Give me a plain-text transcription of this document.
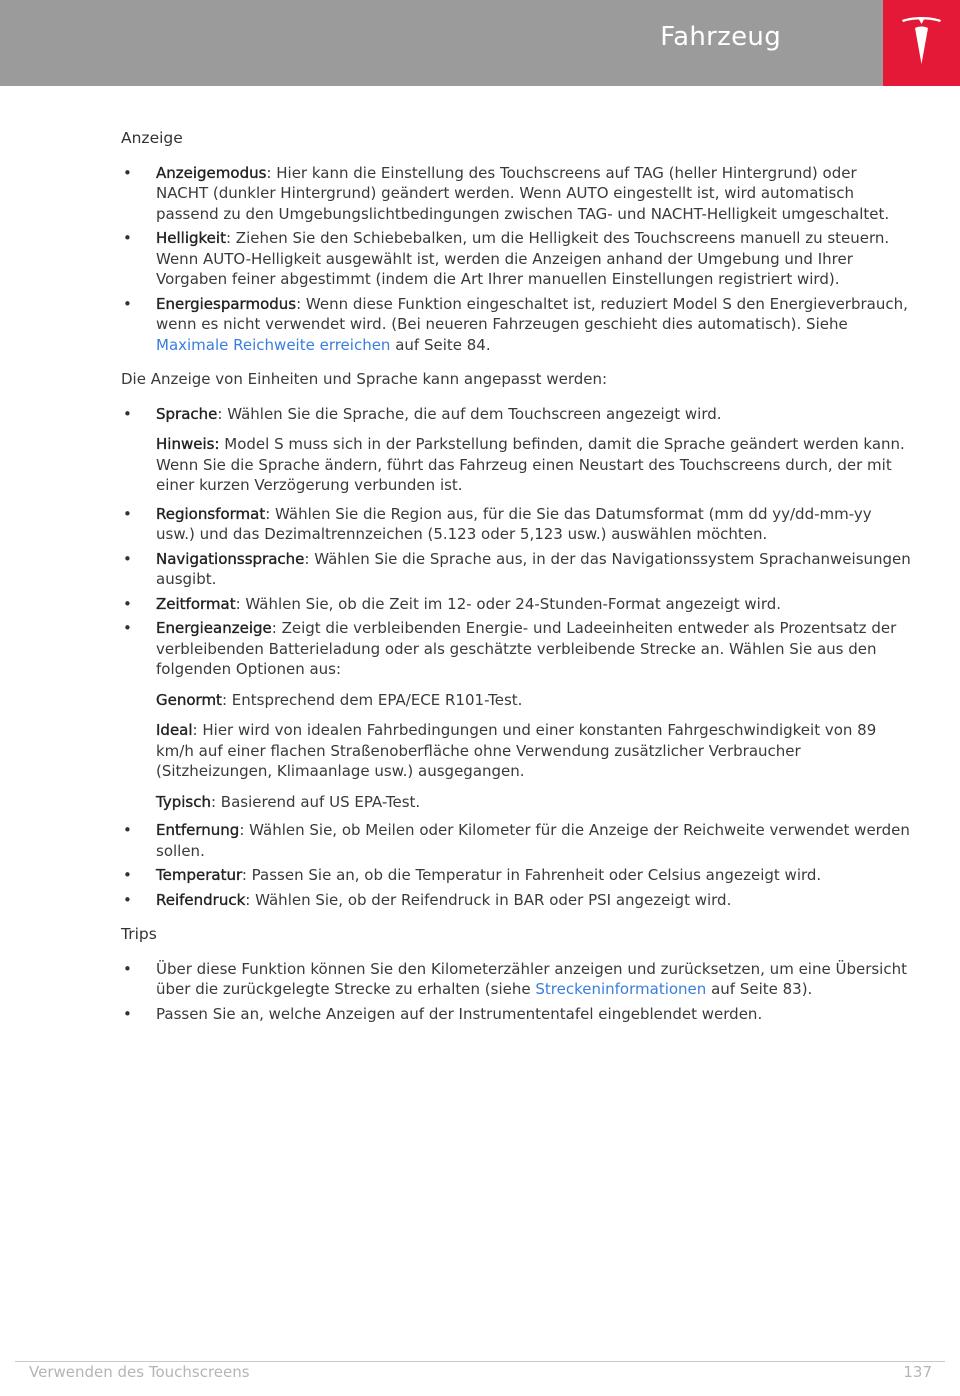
Fahrzeug
Anzeige
• Anzeigemodus: Hier kann die Einstellung des Touchscreens auf TAG (heller Hintergrund) oder NACHT (dunkler Hintergrund) geändert werden. Wenn AUTO eingestellt ist, wird automatisch passend zu den Umgebungslichtbedingungen zwischen TAG- und NACHT-Helligkeit umgeschaltet.
• Helligkeit: Ziehen Sie den Schiebebalken, um die Helligkeit des Touchscreens manuell zu steuern. Wenn AUTO-Helligkeit ausgewählt ist, werden die Anzeigen anhand der Umgebung und Ihrer Vorgaben feiner abgestimmt (indem die Art Ihrer manuellen Einstellungen registriert wird).
• Energiesparmodus: Wenn diese Funktion eingeschaltet ist, reduziert Model S den Energieverbrauch, wenn es nicht verwendet wird. (Bei neueren Fahrzeugen geschieht dies automatisch). Siehe Maximale Reichweite erreichen auf Seite 84.
Die Anzeige von Einheiten und Sprache kann angepasst werden:
• Sprache: Wählen Sie die Sprache, die auf dem Touchscreen angezeigt wird.
Hinweis: Model S muss sich in der Parkstellung befinden, damit die Sprache geändert werden kann. Wenn Sie die Sprache ändern, führt das Fahrzeug einen Neustart des Touchscreens durch, der mit einer kurzen Verzögerung verbunden ist.
• Regionsformat: Wählen Sie die Region aus, für die Sie das Datumsformat (mm dd yy/dd-mm-yy usw.) und das Dezimaltrennzeichen (5.123 oder 5,123 usw.) auswählen möchten.
• Navigationssprache: Wählen Sie die Sprache aus, in der das Navigationssystem Sprachanweisungen ausgibt.
• Zeitformat: Wählen Sie, ob die Zeit im 12- oder 24-Stunden-Format angezeigt wird.
• Energieanzeige: Zeigt die verbleibenden Energie- und Ladeeinheiten entweder als Prozentsatz der verbleibenden Batterieladung oder als geschätzte verbleibende Strecke an. Wählen Sie aus den folgenden Optionen aus:
Genormt: Entsprechend dem EPA/ECE R101-Test.
Ideal: Hier wird von idealen Fahrbedingungen und einer konstanten Fahrgeschwindigkeit von 89 km/h auf einer flachen Straßenoberfläche ohne Verwendung zusätzlicher Verbraucher (Sitzheizungen, Klimaanlage usw.) ausgegangen.
Typisch: Basierend auf US EPA-Test.
• Entfernung: Wählen Sie, ob Meilen oder Kilometer für die Anzeige der Reichweite verwendet werden sollen.
• Temperatur: Passen Sie an, ob die Temperatur in Fahrenheit oder Celsius angezeigt wird.
• Reifendruck: Wählen Sie, ob der Reifendruck in BAR oder PSI angezeigt wird.
Trips
• Über diese Funktion können Sie den Kilometerzähler anzeigen und zurücksetzen, um eine Übersicht über die zurückgelegte Strecke zu erhalten (siehe Streckeninformationen auf Seite 83).
• Passen Sie an, welche Anzeigen auf der Instrumententafel eingeblendet werden.
Verwenden des Touchscreens	137
